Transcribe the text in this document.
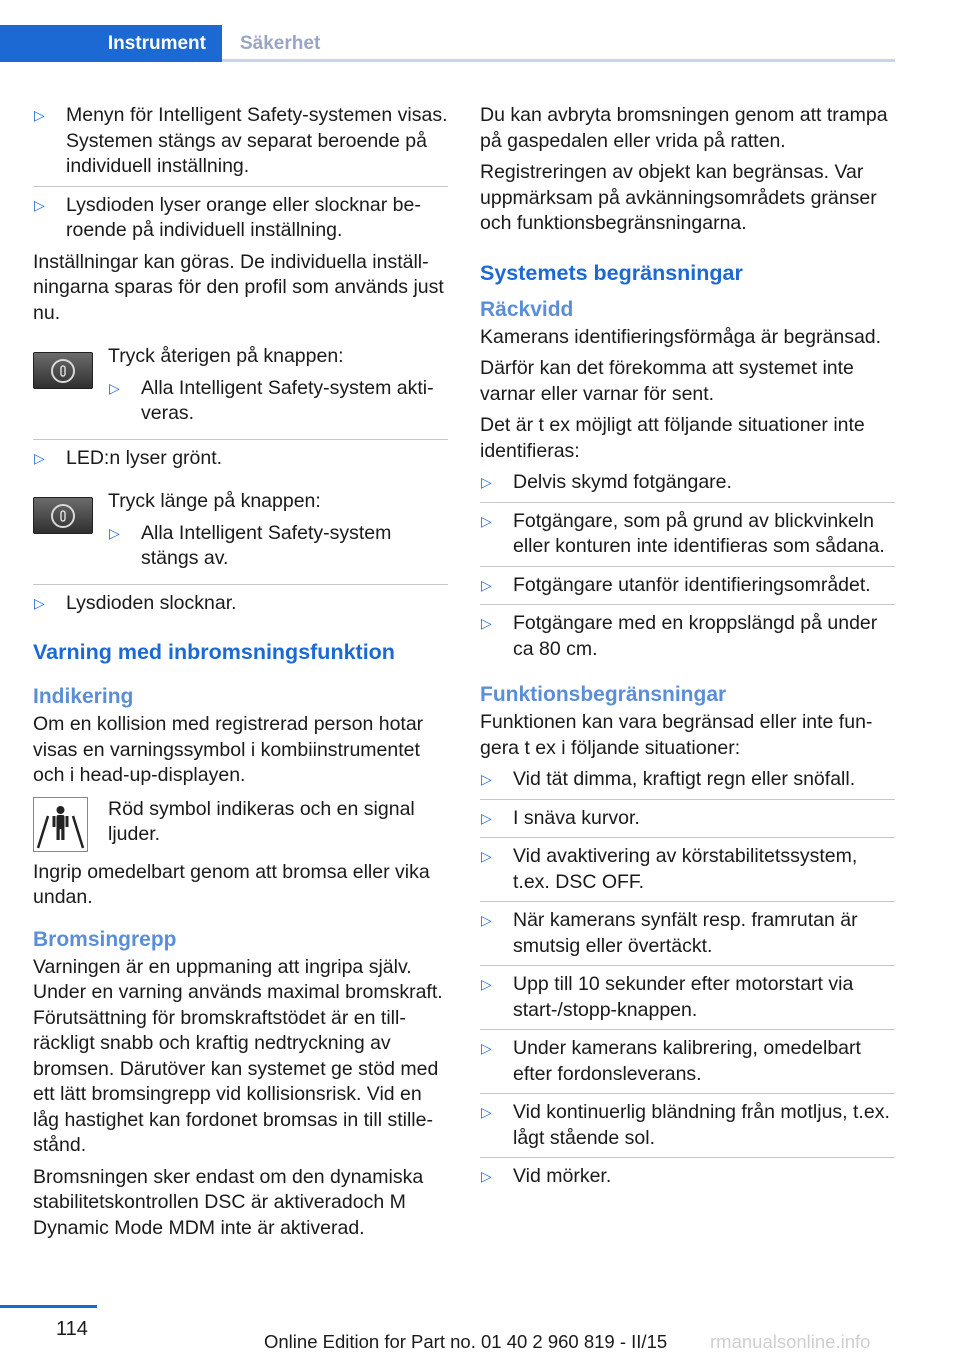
Instrument	Säkerhet
▷ Menyn för Intelligent Safety-systemen visas. Systemen stängs av separat beroende på individuell inställning.
▷ Lysdioden lyser orange eller slocknar beroende på individuell inställning.

Inställningar kan göras. De individuella inställningarna sparas för den profil som används just nu.

Tryck återigen på knappen:

▷ Alla Intelligent Safety-system aktiveras.
▷ LED:n lyser grönt.

Tryck länge på knappen:

▷ Alla Intelligent Safety-system stängs av.
▷ Lysdioden slocknar.
Varning med inbromsningsfunktion
Indikering

Om en kollision med registrerad person hotar visas en varningssymbol i kombiinstrumentet och i head-up-displayen.

Röd symbol indikeras och en signal ljuder.

Ingrip omedelbart genom att bromsa eller vika undan.

Bromsingrepp

Varningen är en uppmaning att ingripa själv. Under en varning används maximal bromskraft. Förutsättning för bromskraftstödet är en tillräckligt snabb och kraftig nedtryckning av bromsen. Därutöver kan systemet ge stöd med ett lätt bromsingrepp vid kollisionsrisk. Vid en låg hastighet kan fordonet bromsas in till stillestånd.

Bromsningen sker endast om den dynamiska stabilitetskontrollen DSC är aktiveradoch M Dynamic Mode MDM inte är aktiverad.

Du kan avbryta bromsningen genom att trampa på gaspedalen eller vrida på ratten.

Registreringen av objekt kan begränsas. Var uppmärksam på avkänningsområdets gränser och funktionsbegränsningarna.

Systemets begränsningar
Räckvidd

Kamerans identifieringsförmåga är begränsad.

Därför kan det förekomma att systemet inte varnar eller varnar för sent.

Det är t ex möjligt att följande situationer inte identifieras:

▷ Delvis skymd fotgängare.
▷ Fotgängare, som på grund av blickvinkeln eller konturen inte identifieras som sådana.
▷ Fotgängare utanför identifieringsområdet.
▷ Fotgängare med en kroppslängd på under ca 80 cm.
Funktionsbegränsningar

Funktionen kan vara begränsad eller inte fungera t ex i följande situationer:

▷ Vid tät dimma, kraftigt regn eller snöfall.
▷ I snäva kurvor.
▷ Vid avaktivering av körstabilitetssystem, t.ex. DSC OFF.
▷ När kamerans synfält resp. framrutan är smutsig eller övertäckt.
▷ Upp till 10 sekunder efter motorstart via start-/stopp-knappen.
▷ Under kamerans kalibrering, omedelbart efter fordonsleverans.
▷ Vid kontinuerlig bländning från motljus, t.ex. lågt stående sol.
▷ Vid mörker.
114
Online Edition for Part no. 01 40 2 960 819 - II/15 rmanualsonline.info
